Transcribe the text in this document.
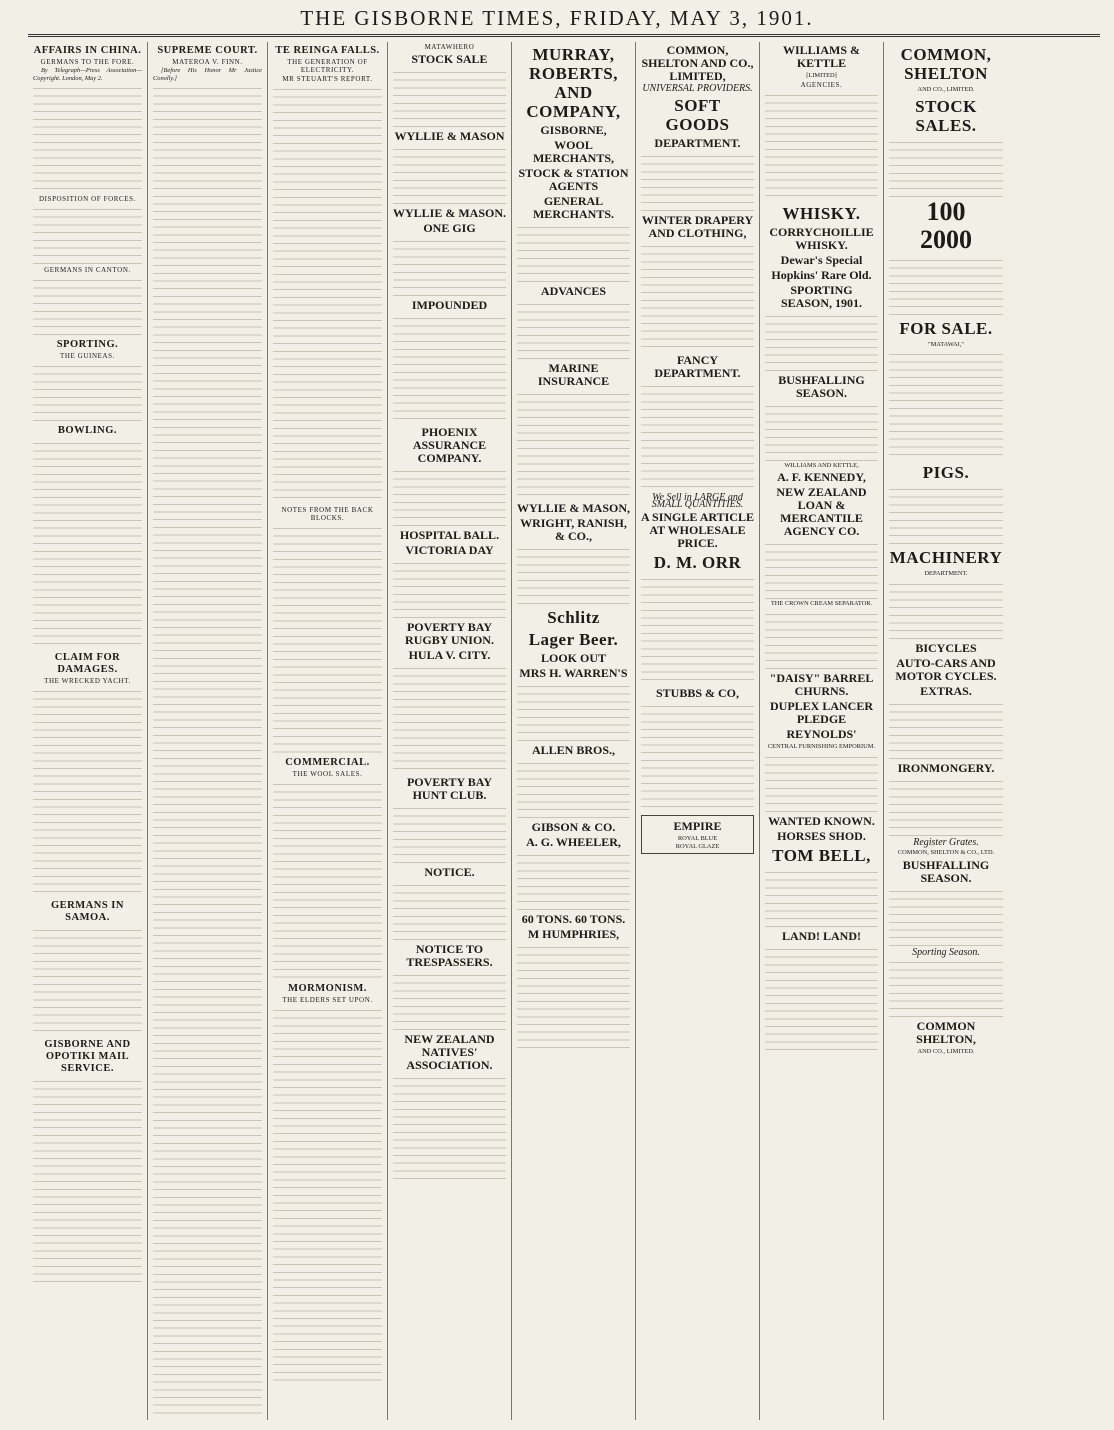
THE GISBORNE TIMES, FRIDAY, MAY 3, 1901.
AFFAIRS IN CHINA.
GERMANS TO THE FORE.
By Telegraph—Press Association—Copyright. London, May 2.
DISPOSITION OF FORCES.
GERMANS IN CANTON.
SPORTING.
THE GUINEAS.
BOWLING.
CLAIM FOR DAMAGES.
THE WRECKED YACHT.
GERMANS IN SAMOA.
GISBORNE AND OPOTIKI MAIL SERVICE.
SUPREME COURT.
MATEROA V. FINN.
[Before His Honor Mr Justice Conolly.]
TE REINGA FALLS.
THE GENERATION OF ELECTRICITY.
MR STEUART'S REPORT.
NOTES FROM THE BACK BLOCKS.
COMMERCIAL.
THE WOOL SALES.
MORMONISM.
THE ELDERS SET UPON.
MATAWHERO
STOCK SALE
WYLLIE & MASON
WYLLIE & MASON.
ONE GIG
IMPOUNDED
PHOENIX ASSURANCE COMPANY.
HOSPITAL BALL.
VICTORIA DAY
POVERTY BAY RUGBY UNION.
HULA V. CITY.
POVERTY BAY HUNT CLUB.
NOTICE.
NOTICE TO TRESPASSERS.
NEW ZEALAND NATIVES' ASSOCIATION.
MURRAY, ROBERTS, AND COMPANY,
GISBORNE,
WOOL MERCHANTS,
STOCK & STATION AGENTS
GENERAL MERCHANTS.
ADVANCES
MARINE INSURANCE
WYLLIE & MASON,
WRIGHT, RANISH, & CO.,
Schlitz
Lager Beer.
LOOK OUT
MRS H. WARREN'S
ALLEN BROS.,
GIBSON & CO.
A. G. WHEELER,
60 TONS. 60 TONS.
M HUMPHRIES,
COMMON, SHELTON AND CO., LIMITED,
UNIVERSAL PROVIDERS.
SOFT GOODS
DEPARTMENT.
WINTER DRAPERY AND CLOTHING,
FANCY DEPARTMENT.
We Sell in LARGE and SMALL QUANTITIES.
A SINGLE ARTICLE AT WHOLESALE PRICE.
D. M. ORR
STUBBS & CO,
EMPIRE
ROYAL BLUE
ROYAL GLAZE
WILLIAMS & KETTLE
[LIMITED]
AGENCIES.
WHISKY.
CORRYCHOILLIE WHISKY.
Dewar's Special
Hopkins' Rare Old.
SPORTING SEASON, 1901.
BUSHFALLING SEASON.
WILLIAMS AND KETTLE,
A. F. KENNEDY,
NEW ZEALAND LOAN & MERCANTILE AGENCY CO.
THE CROWN CREAM SEPARATOR.
"DAISY" BARREL CHURNS.
DUPLEX LANCER PLEDGE
REYNOLDS'
CENTRAL FURNISHING EMPORIUM.
WANTED KNOWN.
HORSES SHOD.
TOM BELL,
LAND! LAND!
COMMON, SHELTON
AND CO., LIMITED.
STOCK SALES.
100
2000
FOR SALE.
"MATAWAI,"
PIGS.
MACHINERY
DEPARTMENT.
BICYCLES
AUTO-CARS AND MOTOR CYCLES.
EXTRAS.
IRONMONGERY.
Register Grates.
COMMON, SHELTON & CO., LTD.
BUSHFALLING SEASON.
Sporting Season.
COMMON SHELTON,
AND CO., LIMITED.
